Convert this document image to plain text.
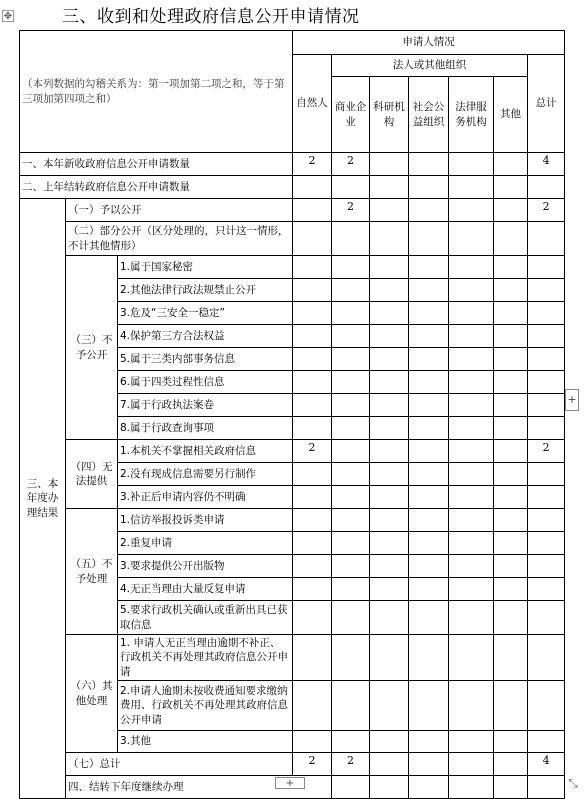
✥	三、收到和处理政府信息公开申请情况
（本列数据的勾稽关系为：第一项加第二项之和，等于第三项加第四项之和）			申请人情况							
			自然人	法人或其他组织					总计	
				商业企业	科研机构	社会公益组织	法律服务机构	其他		
一、本年新收政府信息公开申请数量			2	2					4	
二、上年结转政府信息公开申请数量										
三、本年度办理结果	（一）予以公开			2					2	
	（二）部分公开（区分处理的，只计这一情形，不计其他情形）									
	（三）不予公开	1.属于国家秘密								
		2.其他法律行政法规禁止公开								
		3.危及“三安全一稳定”								
		4.保护第三方合法权益								
		5.属于三类内部事务信息								
		6.属于四类过程性信息								
		7.属于行政执法案卷								
		8.属于行政查询事项								
	（四）无法提供	1.本机关不掌握相关政府信息	2						2	
		2.没有现成信息需要另行制作								
		3.补正后申请内容仍不明确								
	（五）不予处理	1.信访举报投诉类申请								
		2.重复申请								
		3.要求提供公开出版物								
		4.无正当理由大量反复申请								
		5.要求行政机关确认或重新出具已获取信息								
	（六）其他处理	1. 申请人无正当理由逾期不补正、行政机关不再处理其政府信息公开申请								
		2.申请人逾期未按收费通知要求缴纳费用、行政机关不再处理其政府信息公开申请								
		3.其他								
	（七）总计		2	2					4	
	四、结转下年度继续办理									
+
+	⤡
